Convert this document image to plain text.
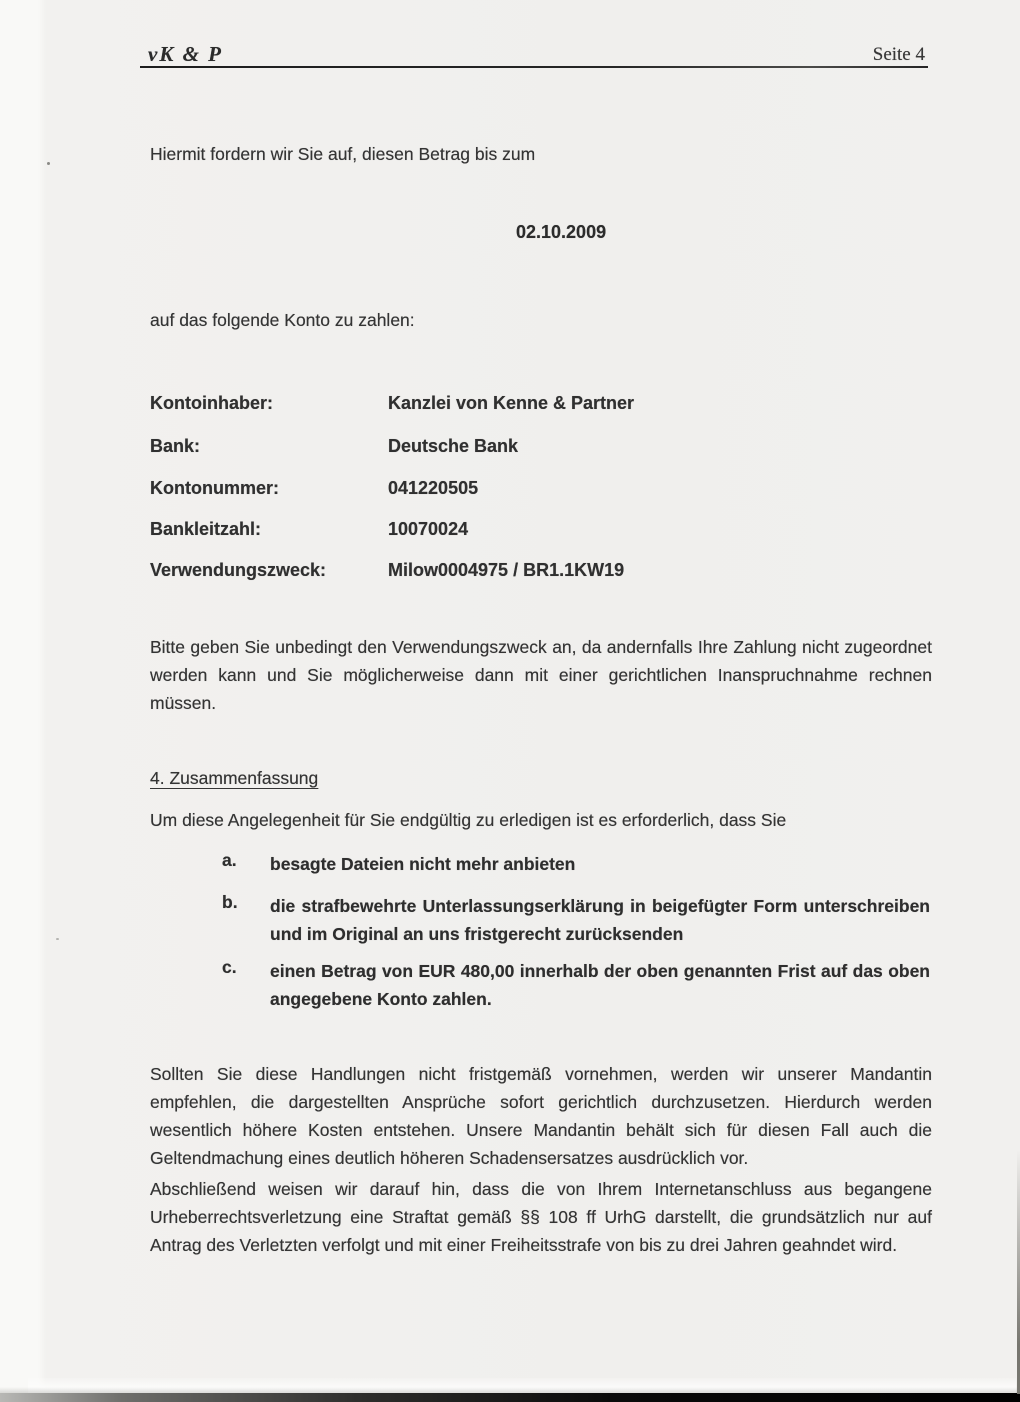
vK & P	Seite 4
Hiermit fordern wir Sie auf, diesen Betrag bis zum
02.10.2009
auf das folgende Konto zu zahlen:
Kontoinhaber:	Kanzlei von Kenne & Partner
Bank:	Deutsche Bank
Kontonummer:	041220505
Bankleitzahl:	10070024
Verwendungszweck:	Milow0004975 / BR1.1KW19
Bitte geben Sie unbedingt den Verwendungszweck an, da andernfalls Ihre Zahlung nicht zugeordnet werden kann und Sie möglicherweise dann mit einer gerichtlichen Inanspruchnahme rechnen müssen.
4. Zusammenfassung
Um diese Angelegenheit für Sie endgültig zu erledigen ist es erforderlich, dass Sie
a. besagte Dateien nicht mehr anbieten
b. die strafbewehrte Unterlassungserklärung in beigefügter Form unterschreiben und im Original an uns fristgerecht zurücksenden
c. einen Betrag von EUR 480,00 innerhalb der oben genannten Frist auf das oben angegebene Konto zahlen.
Sollten Sie diese Handlungen nicht fristgemäß vornehmen, werden wir unserer Mandantin empfehlen, die dargestellten Ansprüche sofort gerichtlich durchzusetzen. Hierdurch werden wesentlich höhere Kosten entstehen. Unsere Mandantin behält sich für diesen Fall auch die Geltendmachung eines deutlich höheren Schadensersatzes ausdrücklich vor.
Abschließend weisen wir darauf hin, dass die von Ihrem Internetanschluss aus begangene Urheberrechtsverletzung eine Straftat gemäß §§ 108 ff UrhG darstellt, die grundsätzlich nur auf Antrag des Verletzten verfolgt und mit einer Freiheitsstrafe von bis zu drei Jahren geahndet wird.
